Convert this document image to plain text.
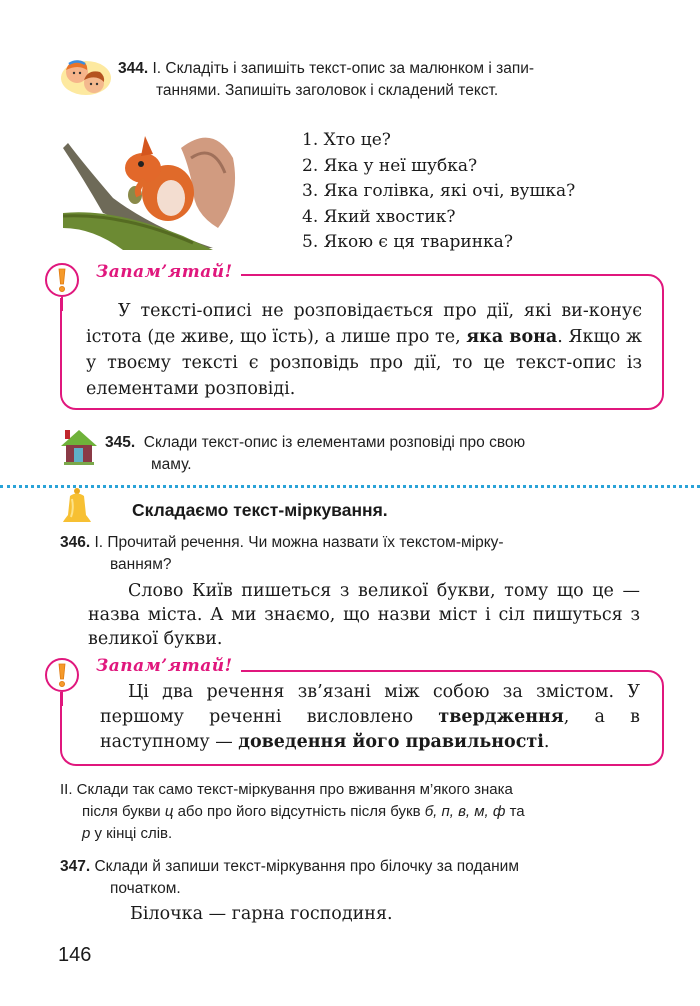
344. І. Складіть і запишіть текст-опис за малюнком і запи-
таннями. Запишіть заголовок і складений текст.
1. Хто це?
2. Яка у неї шубка?
3. Яка голівка, які очі, вушка?
4. Який хвостик?
5. Якою є ця тваринка?
Запам’ятай!
У тексті-описі не розповідається про дії, які ви-конує істота (де живе, що їсть), а лише про те, яка вона. Якщо ж у твоєму тексті є розповідь про дії, то це текст-опис із елементами розповіді.
345. Склади текст-опис із елементами розповіді про свою
маму.
Складаємо текст-міркування.
346. І. Прочитай речення. Чи можна назвати їх текстом-мірку-
ванням?
Слово Київ пишеться з великої букви, тому що це — назва міста. А ми знаємо, що назви міст і сіл пишуться з великої букви.
Запам’ятай!
Ці два речення зв’язані між собою за змістом. У першому реченні висловлено твердження, а в наступному — доведення його правильності.
ІІ. Склади так само текст-міркування про вживання м’якого знака
після букви ц або про його відсутність після букв б, п, в, м, ф та
р у кінці слів.
347. Склади й запиши текст-міркування про білочку за поданим
початком.
Білочка — гарна господиня.
146
